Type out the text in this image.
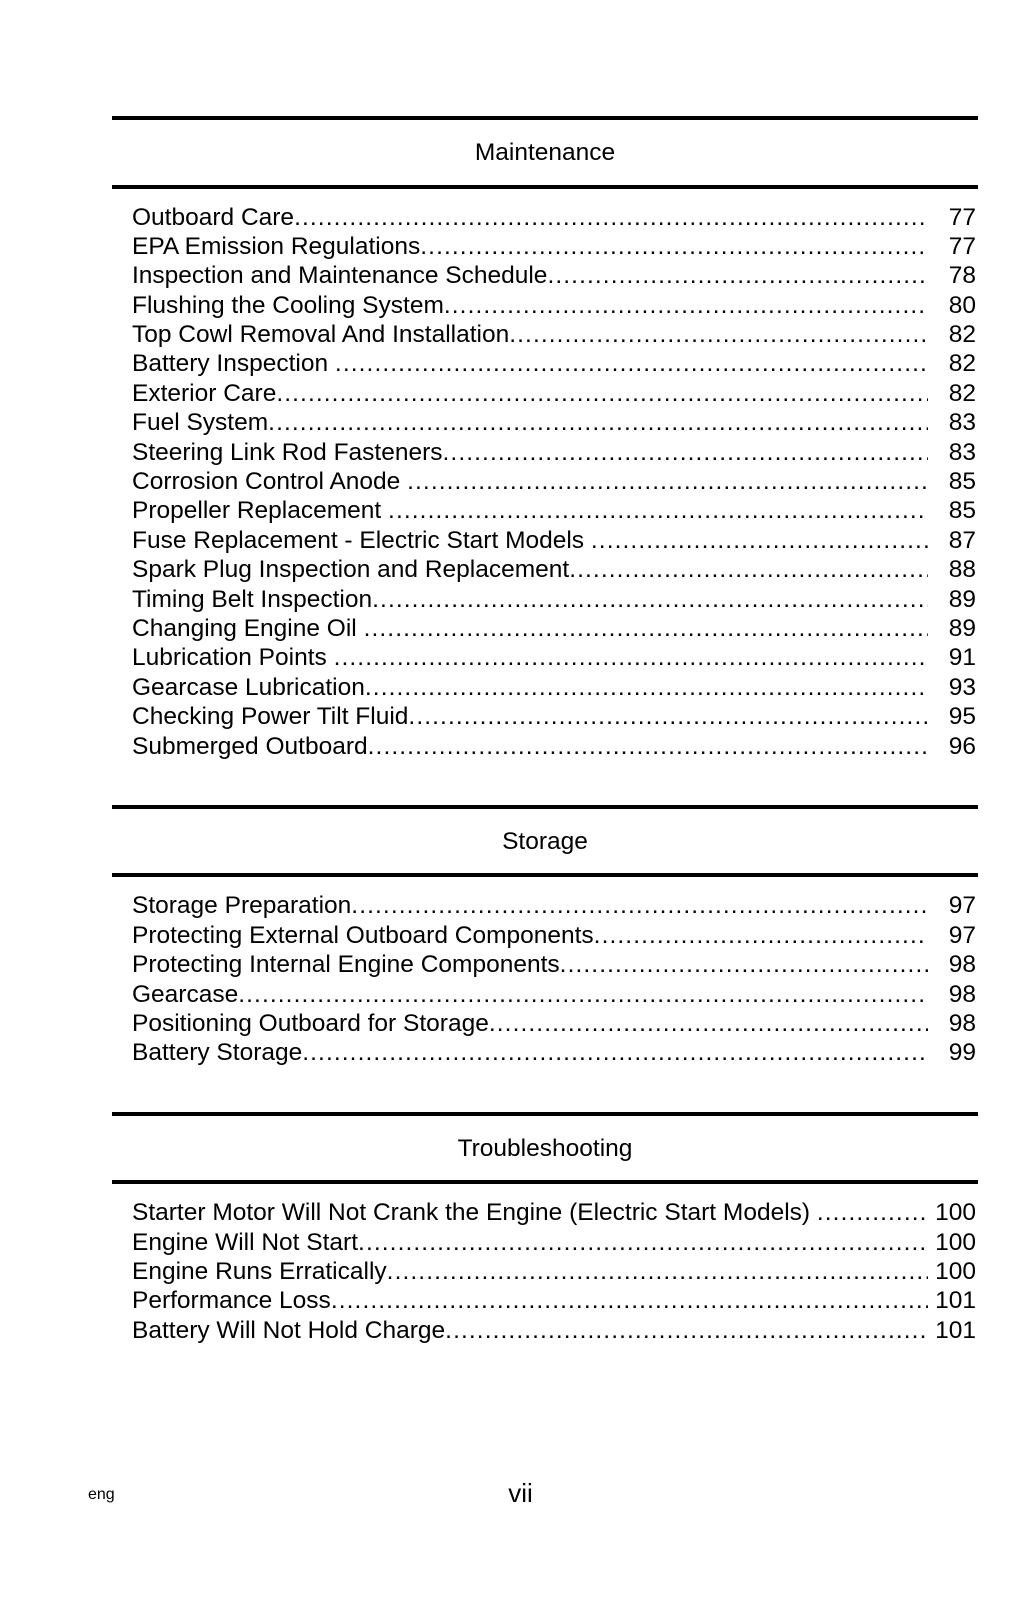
Maintenance
Outboard Care .....	77
EPA Emission Regulations .....	77
Inspection and Maintenance Schedule .....	78
Flushing the Cooling System .....	80
Top Cowl Removal And Installation .....	82
Battery Inspection .....	82
Exterior Care .....	82
Fuel System .....	83
Steering Link Rod Fasteners .....	83
Corrosion Control Anode .....	85
Propeller Replacement .....	85
Fuse Replacement - Electric Start Models .....	87
Spark Plug Inspection and Replacement .....	88
Timing Belt Inspection .....	89
Changing Engine Oil .....	89
Lubrication Points .....	91
Gearcase Lubrication .....	93
Checking Power Tilt Fluid .....	95
Submerged Outboard .....	96
Storage
Storage Preparation .....	97
Protecting External Outboard Components .....	97
Protecting Internal Engine Components .....	98
Gearcase .....	98
Positioning Outboard for Storage .....	98
Battery Storage .....	99
Troubleshooting
Starter Motor Will Not Crank the Engine (Electric Start Models) .....	100
Engine Will Not Start .....	100
Engine Runs Erratically .....	100
Performance Loss .....	101
Battery Will Not Hold Charge .....	101
eng	vii
